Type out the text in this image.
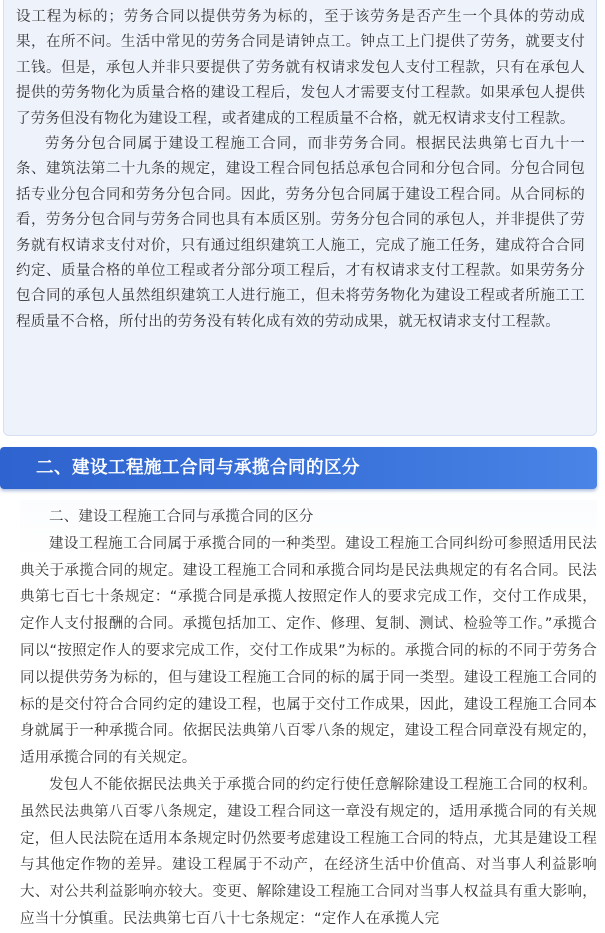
设工程为标的；劳务合同以提供劳务为标的，至于该劳务是否产生一个具体的劳动成果，在所不问。生活中常见的劳务合同是请钟点工。钟点工上门提供了劳务，就要支付工钱。但是，承包人并非只要提供了劳务就有权请求发包人支付工程款，只有在承包人提供的劳务物化为质量合格的建设工程后，发包人才需要支付工程款。如果承包人提供了劳务但没有物化为建设工程，或者建成的工程质量不合格，就无权请求支付工程款。

劳务分包合同属于建设工程施工合同，而非劳务合同。根据民法典第七百九十一条、建筑法第二十九条的规定，建设工程合同包括总承包合同和分包合同。分包合同包括专业分包合同和劳务分包合同。因此，劳务分包合同属于建设工程合同。从合同标的看，劳务分包合同与劳务合同也具有本质区别。劳务分包合同的承包人，并非提供了劳务就有权请求支付对价，只有通过组织建筑工人施工，完成了施工任务，建成符合合同约定、质量合格的单位工程或者分部分项工程后，才有权请求支付工程款。如果劳务分包合同的承包人虽然组织建筑工人进行施工，但未将劳务物化为建设工程或者所施工工程质量不合格，所付出的劳务没有转化成有效的劳动成果，就无权请求支付工程款。

二、建设工程施工合同与承揽合同的区分

二、建设工程施工合同与承揽合同的区分

建设工程施工合同属于承揽合同的一种类型。建设工程施工合同纠纷可参照适用民法典关于承揽合同的规定。建设工程施工合同和承揽合同均是民法典规定的有名合同。民法典第七百七十条规定：“承揽合同是承揽人按照定作人的要求完成工作，交付工作成果，定作人支付报酬的合同。承揽包括加工、定作、修理、复制、测试、检验等工作。”承揽合同以“按照定作人的要求完成工作，交付工作成果”为标的。承揽合同的标的不同于劳务合同以提供劳务为标的，但与建设工程施工合同的标的属于同一类型。建设工程施工合同的标的是交付符合合同约定的建设工程，也属于交付工作成果，因此，建设工程施工合同本身就属于一种承揽合同。依据民法典第八百零八条的规定，建设工程合同章没有规定的，适用承揽合同的有关规定。

发包人不能依据民法典关于承揽合同的约定行使任意解除建设工程施工合同的权利。虽然民法典第八百零八条规定，建设工程合同这一章没有规定的，适用承揽合同的有关规定，但人民法院在适用本条规定时仍然要考虑建设工程施工合同的特点，尤其是建设工程与其他定作物的差异。建设工程属于不动产，在经济生活中价值高、对当事人利益影响大、对公共利益影响亦较大。变更、解除建设工程施工合同对当事人权益具有重大影响，应当十分慎重。民法典第七百八十七条规定：“定作人在承揽人完
